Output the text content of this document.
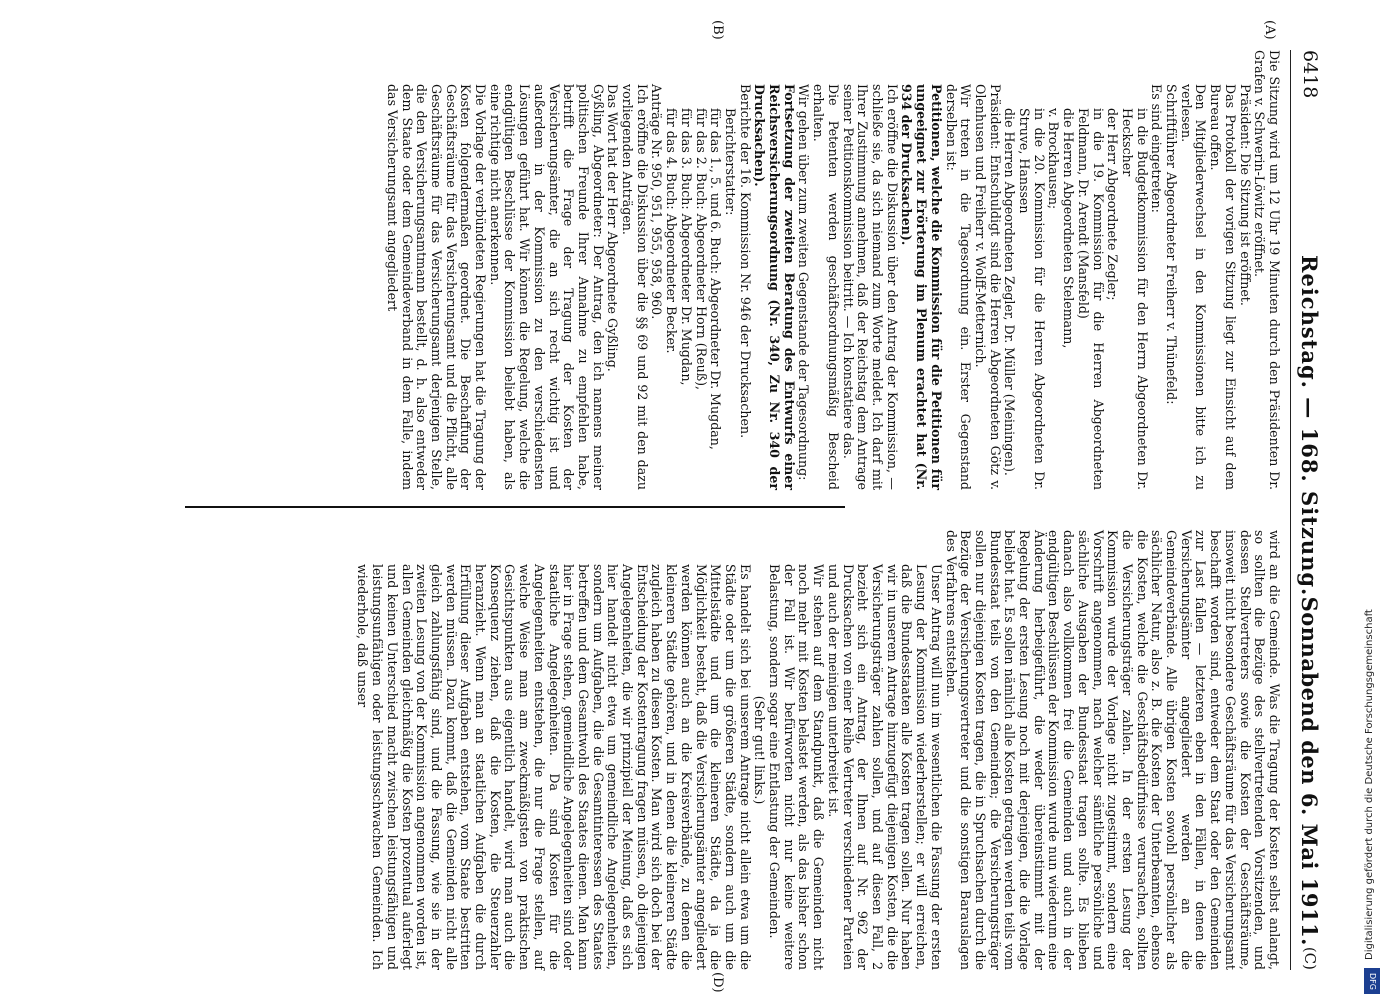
6418
Reichstag. — 168. Sitzung.
Sonnabend den 6. Mai 1911.
(C)
(A)
(B)
(D)

Die Sitzung wird um 12 Uhr 19 Minuten durch den Präsidenten Dr. Grafen v. Schwerin-Löwitz eröffnet.

Präsident: Die Sitzung ist eröffnet.

Das Protokoll der vorigen Sitzung liegt zur Einsicht auf dem Bureau offen.

Den Mitgliederwechsel in den Kommissionen bitte ich zu verlesen.

Schriftführer Abgeordneter Freiherr v. Thünefeld:

Es sind eingetreten:

in die Budgetkommission für den Herrn Abgeordneten Dr. Heckscher

der Herr Abgeordnete Zegler;

in die 19. Kommission für die Herren Abgeordneten Feldmann, Dr. Arendt (Mansfeld)

die Herren Abgeordneten Stelemann,

v. Brockhausen;

in die 20. Kommission für die Herren Abgeordneten Dr. Struve, Hanssen

die Herren Abgeordneten Zegler, Dr. Müller (Meiningen).

Präsident: Entschuldigt sind die Herren Abgeordneten Götz v. Olenhusen und Freiherr v. Wolff-Metternich.

Wir treten in die Tagesordnung ein. Erster Gegenstand derselben ist:

Petitionen, welche die Kommission für die Petitionen für ungeeignet zur Erörterung im Plenum erachtet hat (Nr. 934 der Drucksachen).

Ich eröffne die Diskussion über den Antrag der Kommission, — schließe sie, da sich niemand zum Worte meldet. Ich darf mit Ihrer Zustimmung annehmen, daß der Reichstag dem Antrage seiner Petitionskommission beitritt. — Ich konstatiere das.

Die Petenten werden geschäftsordnungsmäßig Bescheid erhalten.

Wir gehen über zum zweiten Gegenstande der Tagesordnung:

Fortsetzung der zweiten Beratung des Entwurfs einer Reichsversicherungsordnung (Nr. 340, Zu Nr. 340 der Drucksachen).

Berichte der 16. Kommission Nr. 946 der Drucksachen.

Berichterstatter:

für das 1., 5. und 6. Buch: Abgeordneter Dr. Mugdan,

für das 2. Buch: Abgeordneter Horn (Reuß),

für das 3. Buch: Abgeordneter Dr. Mugdan,

für das 4. Buch: Abgeordneter Becker.

Anträge Nr. 950, 951, 955, 958, 960.

Ich eröffne die Diskussion über die §§ 69 und 92 mit den dazu vorliegenden Anträgen.

Das Wort hat der Herr Abgeordnete Gyßling.

Gyßling, Abgeordneter: Der Antrag, den ich namens meiner politischen Freunde Ihrer Annahme zu empfehlen habe, betrifft die Frage der Tragung der Kosten der Versicherungsämter, die an sich recht wichtig ist und außerdem in der Kommission zu den verschiedensten Lösungen geführt hat. Wir können die Regelung, welche die endgültigen Beschlüsse der Kommission beliebt haben, als eine richtige nicht anerkennen.

Die Vorlage der verbündeten Regierungen hat die Tragung der Kosten folgendermaßen geordnet. Die Beschaffung der Geschäftsräume für das Versicherungsamt und die Pflicht, alle Geschäftsräume für das Versicherungsamt derjenigen Stelle, die den Versicherungsamtmann bestellt, d. h. also entweder dem Staate oder dem Gemeindeverband in dem Falle, indem das Versicherungsamt angegliedert

wird an die Gemeinde. Was die Tragung der Kosten selbst anlangt, so sollten die Bezüge des stellvertretenden Vorsitzenden, und dessen Stellvertreters sowie die Kosten der Geschäftsräume, insoweit nicht besondere Geschäftsräume für das Versicherungsamt beschafft worden sind, entweder dem Staat oder den Gemeinden zur Last fallen — letzteren eben in den Fällen, in denen die Versicherungsämter angegliedert werden an die Gemeindeverbände. Alle übrigen Kosten sowohl persönlicher als sächlicher Natur, also z. B. die Kosten der Unterbeamten, ebenso die Kosten, welche die Geschäftsbedürfnisse verursachen, sollten die Versicherungsträger zahlen. In der ersten Lesung der Kommission wurde der Vorlage nicht zugestimmt, sondern eine Vorschrift angenommen, nach welcher sämtliche persönliche und sächliche Ausgaben der Bundesstaat tragen sollte. Es blieben danach also vollkommen frei die Gemeinden und auch in der endgültigen Beschlüssen der Kommission wurde nun wiederum eine Änderung herbeigeführt, die weder übereinstimmt mit der Regelung der ersten Lesung noch mit derjenigen, die die Vorlage beliebt hat. Es sollen nämlich alle Kosten getragen werden teils vom Bundesstaat teils von den Gemeinden; die Versicherungsträger sollen nur diejenigen Kosten tragen, die in Spruchsachen durch die Bezüge der Versicherungsvertreter und die sonstigen Barauslagen des Verfahrens entstehen.

Unser Antrag will nun im wesentlichen die Fassung der ersten Lesung der Kommission wiederherstellen; er will erreichen, daß die Bundesstaaten alle Kosten tragen sollen. Nur haben wir in unserem Antrage hinzugefügt diejenigen Kosten, die die Versicherungsträger zahlen sollen, und auf diesen Fall, 2 bezieht sich ein Antrag, der Ihnen auf Nr. 962 der Drucksachen von einer Reihe Vertreter verschiedener Parteien und auch der meinigen unterbreitet ist.

Wir stehen auf dem Standpunkt, daß die Gemeinden nicht noch mehr mit Kosten belastet werden, als das bisher schon der Fall ist. Wir befürworten nicht nur keine weitere Belastung, sondern sogar eine Entlastung der Gemeinden.

(Sehr gut! links.)

Es handelt sich bei unserem Antrage nicht allein etwa um die Städte oder um die größeren Städte, sondern auch um die Mittelstädte und um die kleineren Städte, da ja die Möglichkeit besteht, daß die Versicherungsämter angegliedert werden können auch an die Kreisverbände, zu denen die kleineren Städte gehören, und in denen die kleineren Städte zugleich haben zu diesen Kosten. Man wird sich doch bei der Entscheidung der Kostentragung fragen müssen, ob diejenigen Angelegenheiten, die wir prinzipiell der Meinung, daß es sich hier handelt nicht etwa um gemeindliche Angelegenheiten, sondern um Aufgaben, die die Gesamtinteressen des Staates betreffen und dem Gesamtwohl des Staates dienen. Man kann hier in Frage stehen, gemeindliche Angelegenheiten sind oder staatliche Angelegenheiten. Da sind Kosten für die Angelegenheiten entstehen, die nur die Frage stellen, auf welche Weise man am zweckmäßigsten von praktischen Gesichtspunkten aus eigentlich handelt, wird man auch die Konsequenz ziehen, daß die Kosten, die Steuerzahler heranzieht. Wenn man an staatlichen Aufgaben die durch Erfüllung dieser Aufgaben entstehen, vom Staate bestritten werden müssen. Dazu kommt, daß die Gemeinden nicht alle gleich zahlungsfähig sind, und die Fassung, wie sie in der zweiten Lesung von der Kommission angenommen worden ist, allen Gemeinden gleichmäßig die Kosten prozentual auferlegt und keinen Unterschied macht zwischen leistungsfähigen und leistungsunfähigen oder leistungsschwachen Gemeinden. Ich wiederhole, daß unser	Digitalisierung gefördert durch die Deutsche Forschungsgemeinschaft
DFG
